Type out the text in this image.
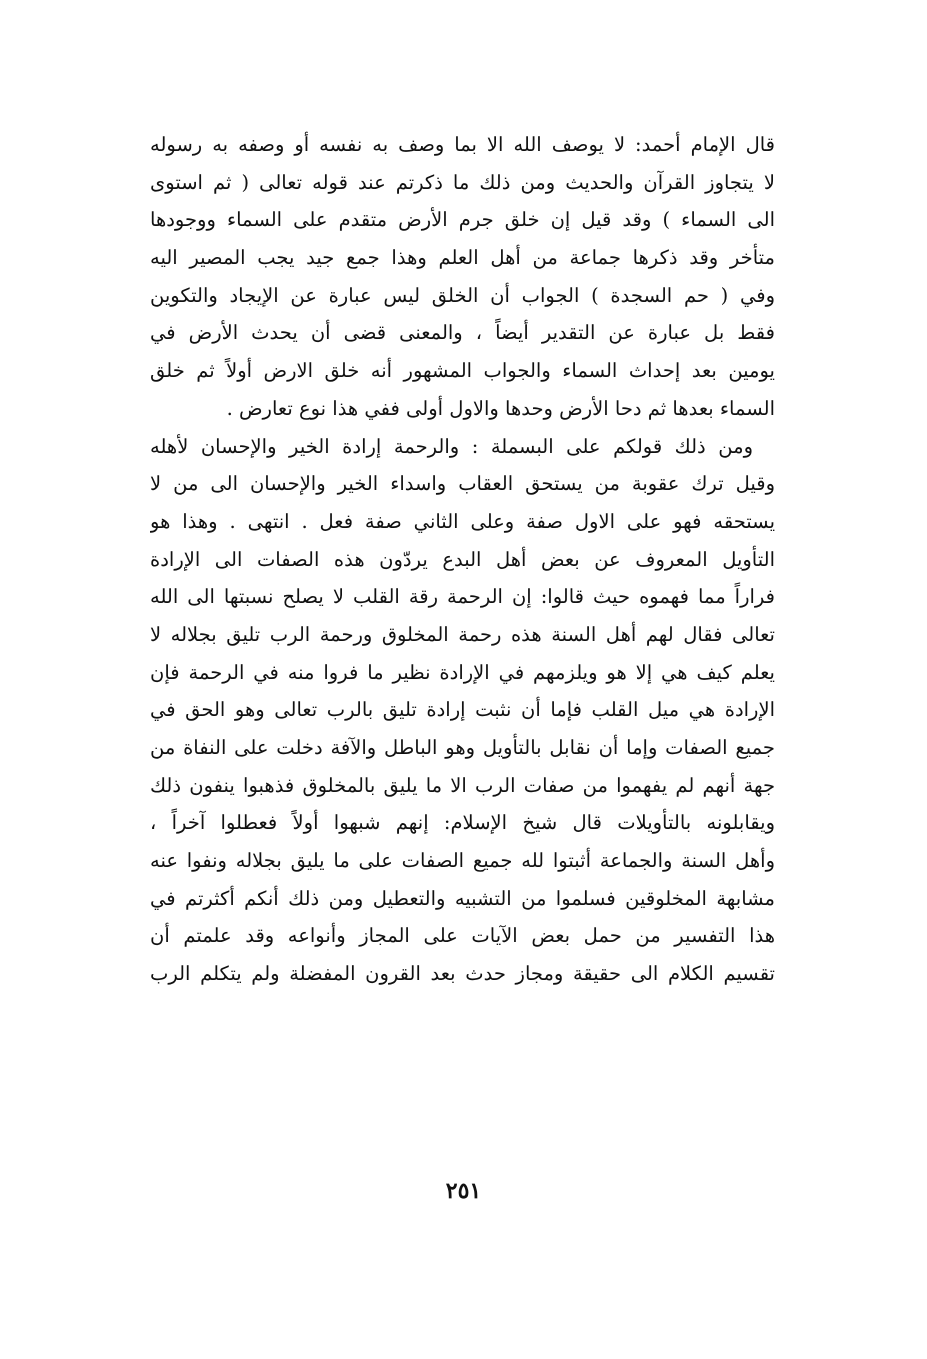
قال الإمام أحمد: لا يوصف الله الا بما وصف به نفسه أو وصفه به رسوله
لا يتجاوز القرآن والحديث ومن ذلك ما ذكرتم عند قوله تعالى ( ثم استوى
الى السماء ) وقد قيل إن خلق جرم الأرض متقدم على السماء ووجودها
متأخر وقد ذكرها جماعة من أهل العلم وهذا جمع جيد يجب المصير اليه
وفي ( حم السجدة ) الجواب أن الخلق ليس عبارة عن الإيجاد والتكوين
فقط بل عبارة عن التقدير أيضاً ، والمعنى قضى أن يحدث الأرض في
يومين بعد إحداث السماء والجواب المشهور أنه خلق الارض أولاً ثم خلق
السماء بعدها ثم دحا الأرض وحدها والاول أولى ففي هذا نوع تعارض .
ومن ذلك قولكم على البسملة : والرحمة إرادة الخير والإحسان لأهله
وقيل ترك عقوبة من يستحق العقاب واسداء الخير والإحسان الى من لا
يستحقه فهو على الاول صفة وعلى الثاني صفة فعل . انتهى . وهذا هو
التأويل المعروف عن بعض أهل البدع يردّون هذه الصفات الى الإرادة
فراراً مما فهموه حيث قالوا: إن الرحمة رقة القلب لا يصلح نسبتها الى الله
تعالى فقال لهم أهل السنة هذه رحمة المخلوق ورحمة الرب تليق بجلاله لا
يعلم كيف هي إلا هو ويلزمهم في الإرادة نظير ما فروا منه في الرحمة فإن
الإرادة هي ميل القلب فإما أن نثبت إرادة تليق بالرب تعالى وهو الحق في
جميع الصفات وإما أن نقابل بالتأويل وهو الباطل والآفة دخلت على النفاة من
جهة أنهم لم يفهموا من صفات الرب الا ما يليق بالمخلوق فذهبوا ينفون ذلك
ويقابلونه بالتأويلات قال شيخ الإسلام: إنهم شبهوا أولاً فعطلوا آخراً ،
وأهل السنة والجماعة أثبتوا لله جميع الصفات على ما يليق بجلاله ونفوا عنه
مشابهة المخلوقين فسلموا من التشبيه والتعطيل ومن ذلك أنكم أكثرتم في
هذا التفسير من حمل بعض الآيات على المجاز وأنواعه وقد علمتم أن
تقسيم الكلام الى حقيقة ومجاز حدث بعد القرون المفضلة ولم يتكلم الرب
٢٥١
